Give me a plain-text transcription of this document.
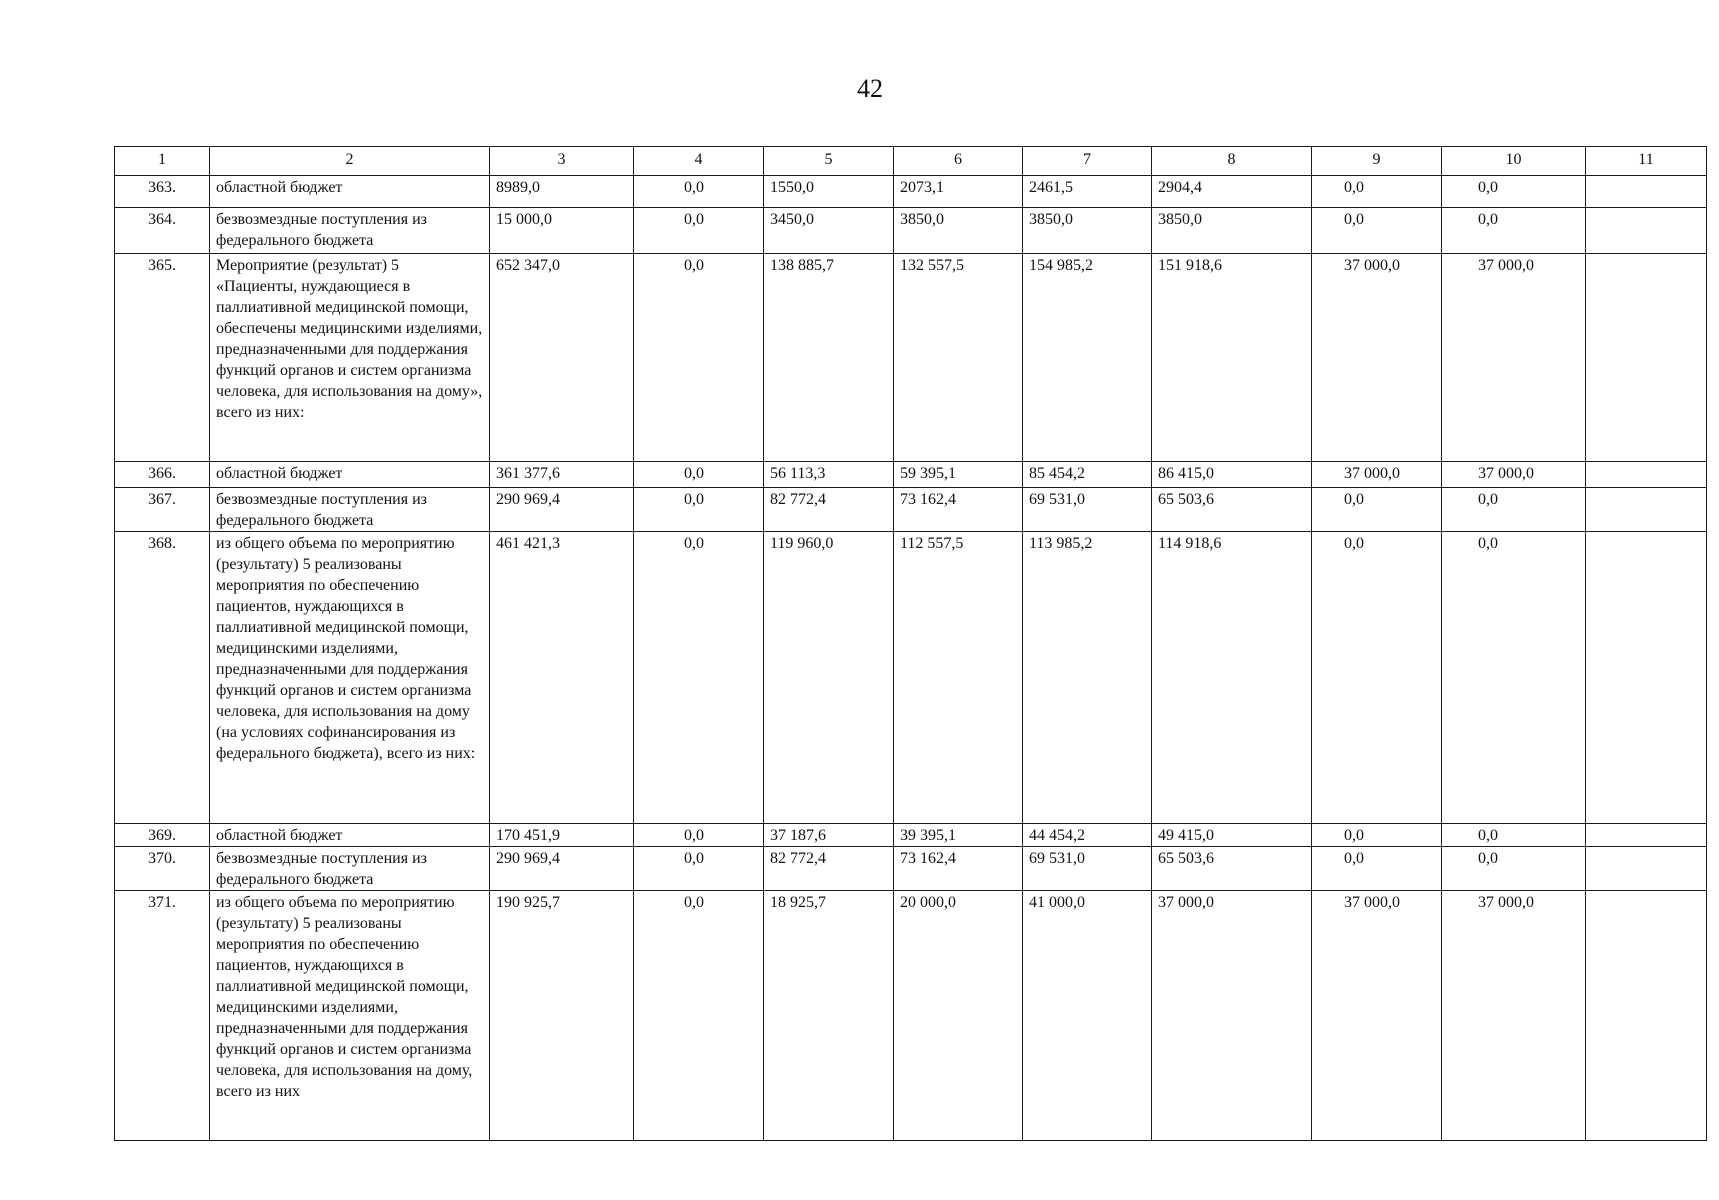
42
1	2	3	4	5	6	7	8	9	10	11
363.	областной бюджет	8989,0	0,0	1550,0	2073,1	2461,5	2904,4	0,0	0,0	
364.	безвозмездные поступления из федерального бюджета	15 000,0	0,0	3450,0	3850,0	3850,0	3850,0	0,0	0,0	
365.	Мероприятие (результат) 5 «Пациенты, нуждающиеся в паллиативной медицинской помощи, обеспечены медицинскими изделиями, предназначенными для поддержания функций органов и систем организма человека, для использования на дому», всего из них:	652 347,0	0,0	138 885,7	132 557,5	154 985,2	151 918,6	37 000,0	37 000,0	
366.	областной бюджет	361 377,6	0,0	56 113,3	59 395,1	85 454,2	86 415,0	37 000,0	37 000,0	
367.	безвозмездные поступления из федерального бюджета	290 969,4	0,0	82 772,4	73 162,4	69 531,0	65 503,6	0,0	0,0	
368.	из общего объема по мероприятию (результату) 5 реализованы мероприятия по обеспечению пациентов, нуждающихся в паллиативной медицинской помощи, медицинскими изделиями, предназначенными для поддержания функций органов и систем организма человека, для использования на дому (на условиях софинансирования из федерального бюджета), всего из них:	461 421,3	0,0	119 960,0	112 557,5	113 985,2	114 918,6	0,0	0,0	
369.	областной бюджет	170 451,9	0,0	37 187,6	39 395,1	44 454,2	49 415,0	0,0	0,0	
370.	безвозмездные поступления из федерального бюджета	290 969,4	0,0	82 772,4	73 162,4	69 531,0	65 503,6	0,0	0,0	
371.	из общего объема по мероприятию (результату) 5 реализованы мероприятия по обеспечению пациентов, нуждающихся в паллиативной медицинской помощи, медицинскими изделиями, предназначенными для поддержания функций органов и систем организма человека, для использования на дому, всего из них	190 925,7	0,0	18 925,7	20 000,0	41 000,0	37 000,0	37 000,0	37 000,0	
